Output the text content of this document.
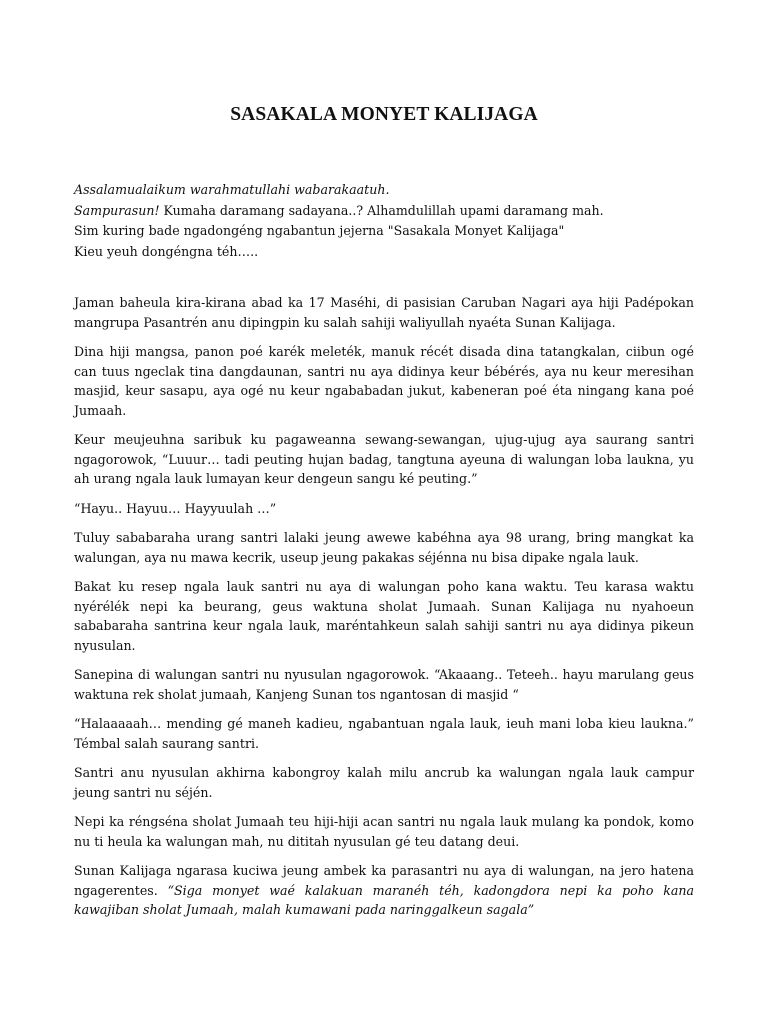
SASAKALA MONYET KALIJAGA
Assalamualaikum warahmatullahi wabarakaatuh.
Sampurasun! Kumaha daramang sadayana..? Alhamdulillah upami daramang mah.
Sim kuring bade ngadongéng ngabantun jejerna "Sasakala Monyet Kalijaga"
Kieu yeuh dongéngna téh…..

Jaman baheula kira-kirana abad ka 17 Maséhi, di pasisian Caruban Nagari aya hiji Padépokan mangrupa Pasantrén anu dipingpin ku salah sahiji waliyullah nyaéta Sunan Kalijaga.

Dina hiji mangsa, panon poé karék meleték, manuk récét disada dina tatangkalan, ciibun ogé can tuus ngeclak tina dangdaunan, santri nu aya didinya keur bébérés, aya nu keur meresihan masjid, keur sasapu, aya ogé nu keur ngababadan jukut, kabeneran poé éta ningang kana poé Jumaah.

Keur meujeuhna saribuk ku pagaweanna sewang-sewangan, ujug-ujug aya saurang santri ngagorowok, “Luuur… tadi peuting hujan badag, tangtuna ayeuna di walungan loba laukna, yu ah urang ngala lauk lumayan keur dengeun sangu ké peuting.”

“Hayu.. Hayuu… Hayyuulah …”

Tuluy sababaraha urang santri lalaki jeung awewe kabéhna aya 98 urang, bring mangkat ka walungan, aya nu mawa kecrik, useup jeung pakakas séjénna nu bisa dipake ngala lauk.

Bakat ku resep ngala lauk santri nu aya di walungan poho kana waktu. Teu karasa waktu nyérélék nepi ka beurang, geus waktuna sholat Jumaah. Sunan Kalijaga nu nyahoeun sababaraha santrina keur ngala lauk, maréntahkeun salah sahiji santri nu aya didinya pikeun nyusulan.

Sanepina di walungan santri nu nyusulan ngagorowok. “Akaaang.. Teteeh.. hayu marulang geus waktuna rek sholat jumaah, Kanjeng Sunan tos ngantosan di masjid “

“Halaaaaah… mending gé maneh kadieu, ngabantuan ngala lauk, ieuh mani loba kieu laukna.” Témbal salah saurang santri.

Santri anu nyusulan akhirna kabongroy kalah milu ancrub ka walungan ngala lauk campur jeung santri nu séjén.

Nepi ka réngséna sholat Jumaah teu hiji-hiji acan santri nu ngala lauk mulang ka pondok, komo nu ti heula ka walungan mah, nu dititah nyusulan gé teu datang deui.

Sunan Kalijaga ngarasa kuciwa jeung ambek ka parasantri nu aya di walungan, na jero hatena ngagerentes. “Siga monyet waé kalakuan maranéh téh, kadongdora nepi ka poho kana kawajiban sholat Jumaah, malah kumawani pada naringgalkeun sagala”
